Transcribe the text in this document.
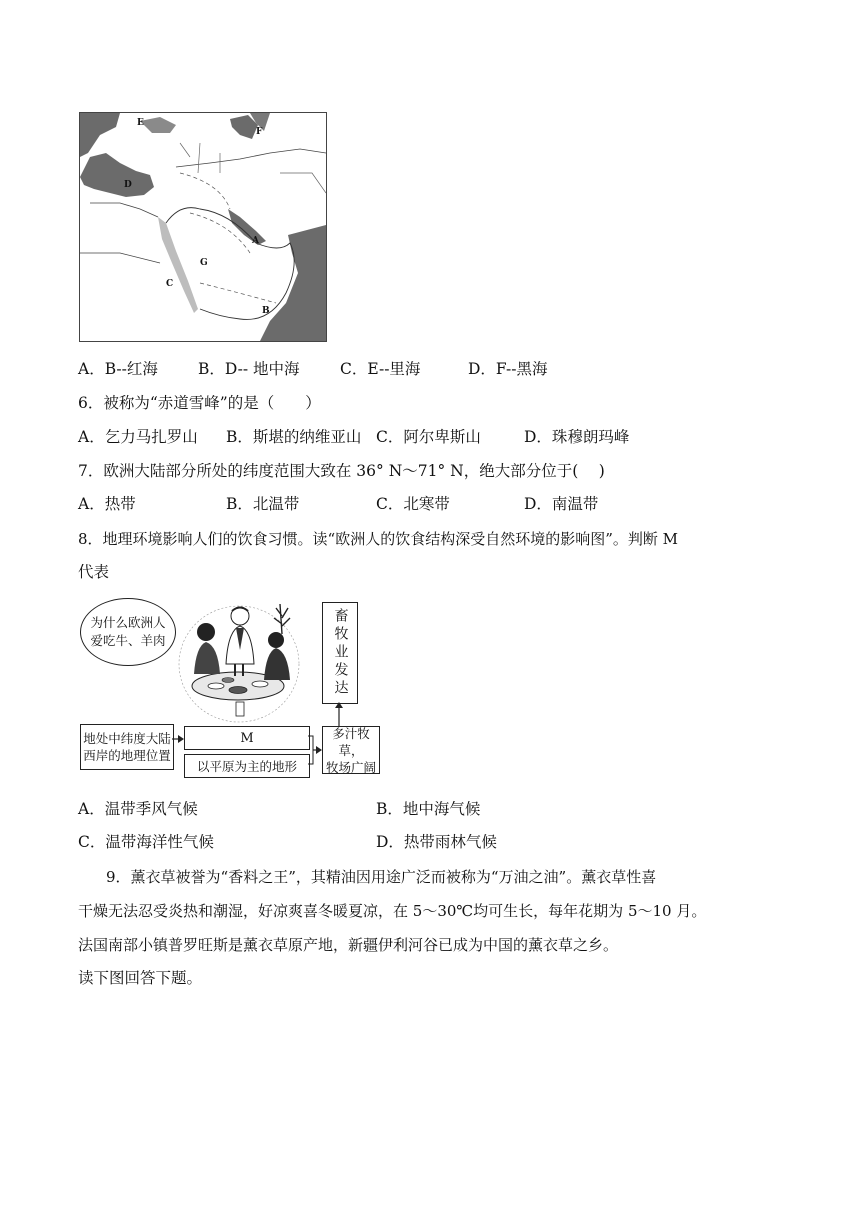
E
F
D
A
G
C
B
A．B--红海	B．D-- 地中海	C．E--里海	D．F--黑海
6．被称为“赤道雪峰”的是（　　）
A．乞力马扎罗山 B．斯堪的纳维亚山 C．阿尔卑斯山	D．珠穆朗玛峰
7．欧洲大陆部分所处的纬度范围大致在 36° N～71° N，绝大部分位于(　 )
A．热带	B．北温带	C．北寒带	D．南温带
8．地理环境影响人们的饮食习惯。读“欧洲人的饮食结构深受自然环境的影响图”。判断 M
代表
为什么欧洲人
爱吃牛、羊肉	畜牧业发达
地处中纬度大陆
西岸的地理位置
M
以平原为主的地形
多汁牧草，
牧场广阔
A．温带季风气候	B．地中海气候
C．温带海洋性气候	D．热带雨林气候
9．薰衣草被誉为“香料之王”，其精油因用途广泛而被称为“万油之油”。薰衣草性喜
干燥无法忍受炎热和潮湿，好凉爽喜冬暖夏凉，在 5～30℃均可生长，每年花期为 5～10 月。
法国南部小镇普罗旺斯是薰衣草原产地，新疆伊利河谷已成为中国的薰衣草之乡。
读下图回答下题。
